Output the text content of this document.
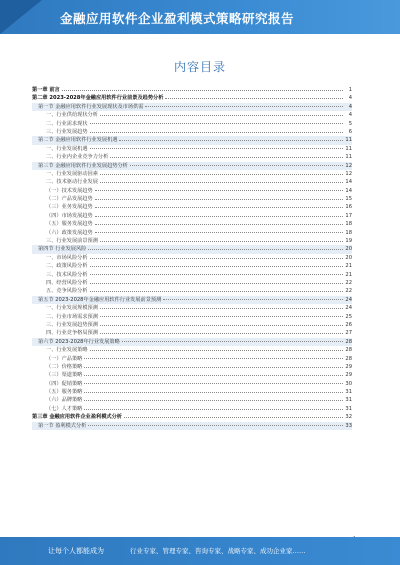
金融应用软件企业盈利模式策略研究报告
内容目录
第一章 前言	1
第二章 2023-2028年金融应用软件行业前景及趋势分析	4
第一节 金融应用软件行业发展现状及市场供需	4
一、行业供给现状分析	4
二、行业需求现状	5
三、行业发展趋势	6
第二节 金融应用软件行业发展机遇	11
一、行业发展机遇	11
二、行业内企业竞争力分析	11
第三节 金融应用软件行业发展趋势分析	12
一、行业发展驱动因素	12
二、技术驱动行业发展	14
（一）技术发展趋势	14
（二）产品发展趋势	15
（三）业务发展趋势	16
（四）市场发展趋势	17
（五）服务发展趋势	18
（六）政策发展趋势	18
三、行业发展前景预测	19
第四节 行业发展风险	20
一、市场风险分析	20
二、政策风险分析	21
三、技术风险分析	21
四、经营风险分析	22
五、竞争风险分析	22
第五节 2023-2028年金融应用软件行业发展前景预测	24
一、行业发展规模预测	24
二、行业市场需求预测	25
三、行业发展趋势预测	26
四、行业竞争格局预测	27
第六节 2023-2028年行业发展策略	28
一、行业发展策略	28
（一）产品策略	28
（二）价格策略	29
（三）渠道策略	29
（四）促销策略	30
（五）服务策略	31
（六）品牌策略	31
（七）人才策略	31
第三章 金融应用软件企业盈利模式分析	32
第一节 盈利模式分析	33
让每个人都能成为	行业专家、管理专家、咨询专家、战略专家、成功企业家……
